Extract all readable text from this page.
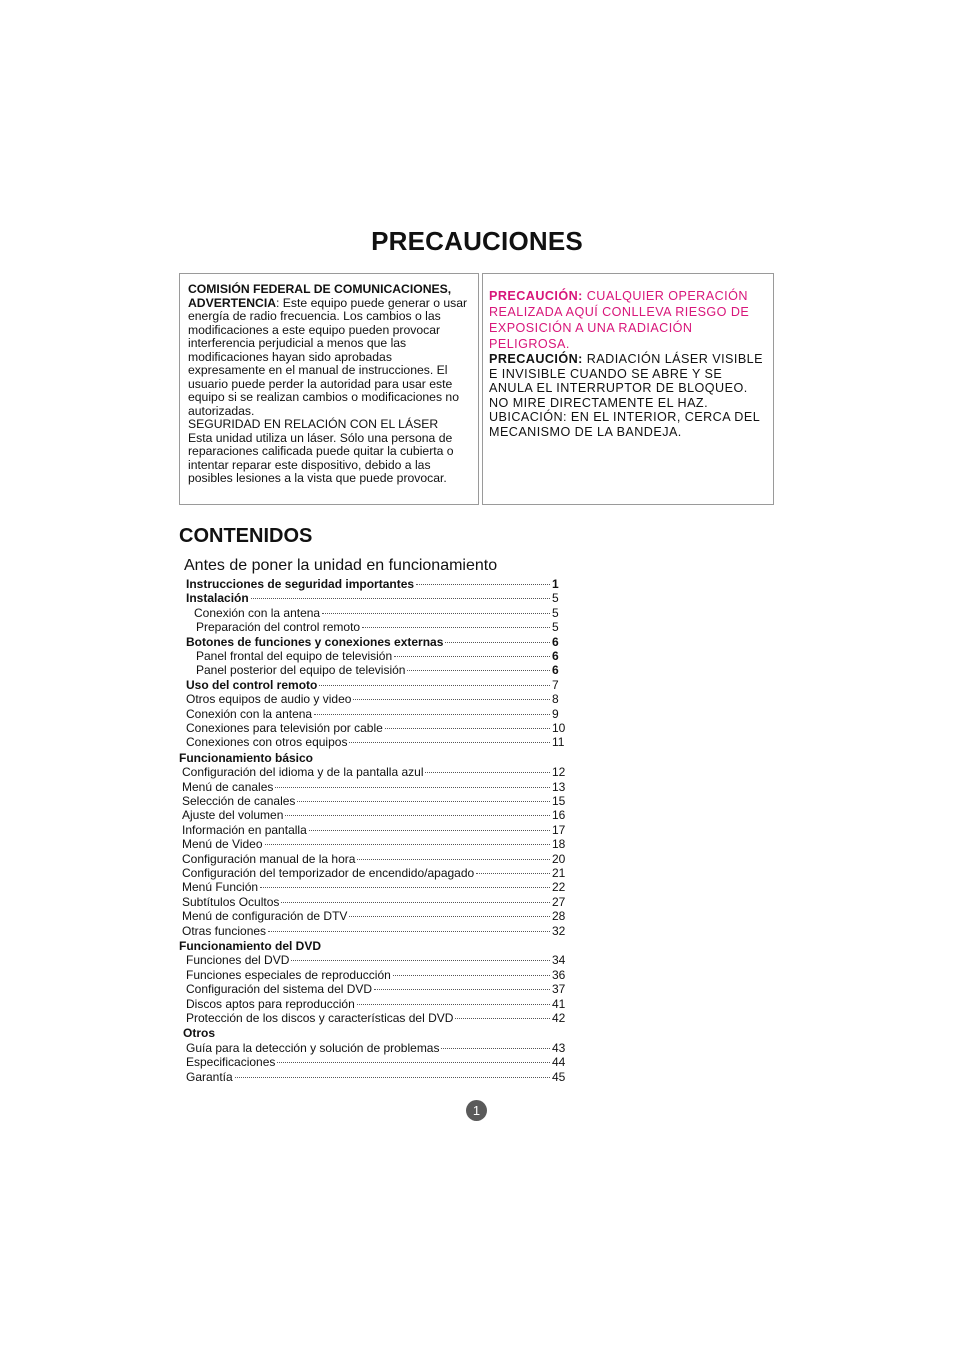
PRECAUCIONES

COMISIÓN FEDERAL DE COMUNICACIONES,

ADVERTENCIA: Este equipo puede generar o usar energía de radio frecuencia. Los cambios o las modificaciones a este equipo pueden provocar interferencia perjudicial a menos que las modificaciones hayan sido aprobadas expresamente en el manual de instrucciones. El usuario puede perder la autoridad para usar este equipo si se realizan cambios o modificaciones no autorizadas.

SEGURIDAD EN RELACIÓN CON EL LÁSER

Esta unidad utiliza un láser. Sólo una persona de reparaciones calificada puede quitar la cubierta o intentar reparar este dispositivo, debido a las posibles lesiones a la vista que puede provocar.

PRECAUCIÓN: CUALQUIER OPERACIÓN REALIZADA AQUÍ CONLLEVA RIESGO DE EXPOSICIÓN A UNA RADIACIÓN PELIGROSA.

PRECAUCIÓN: RADIACIÓN LÁSER VISIBLE E INVISIBLE CUANDO SE ABRE Y SE ANULA EL INTERRUPTOR DE BLOQUEO. NO MIRE DIRECTAMENTE EL HAZ.

UBICACIÓN: EN EL INTERIOR, CERCA DEL MECANISMO DE LA BANDEJA.

CONTENIDOS
Antes de poner la unidad en funcionamiento
Instrucciones de seguridad importantes	1
Instalación	5
Conexión con la antena	5
Preparación del control remoto	5
Botones de funciones y conexiones externas	6
Panel frontal del equipo de televisión	6
Panel posterior del equipo de televisión	6
Uso del control remoto	7
Otros equipos de audio y video	8
Conexión con la antena	9
Conexiones para televisión por cable	10
Conexiones con otros equipos	11
Funcionamiento básico
Configuración del idioma y de la pantalla azul	12
Menú de canales	13
Selección de canales	15
Ajuste del volumen	16
Información en pantalla	17
Menú de Video	18
Configuración manual de la hora	20
Configuración del temporizador de encendido/apagado	21
Menú Función	22
Subtítulos Ocultos	27
Menú de configuración de DTV	28
Otras funciones	32
Funcionamiento del DVD
Funciones del DVD	34
Funciones especiales de reproducción	36
Configuración del sistema del DVD	37
Discos aptos para reproducción	41
Protección de los discos y características del DVD	42
Otros
Guía para la detección y solución de problemas	43
Especificaciones	44
Garantía	45
1
